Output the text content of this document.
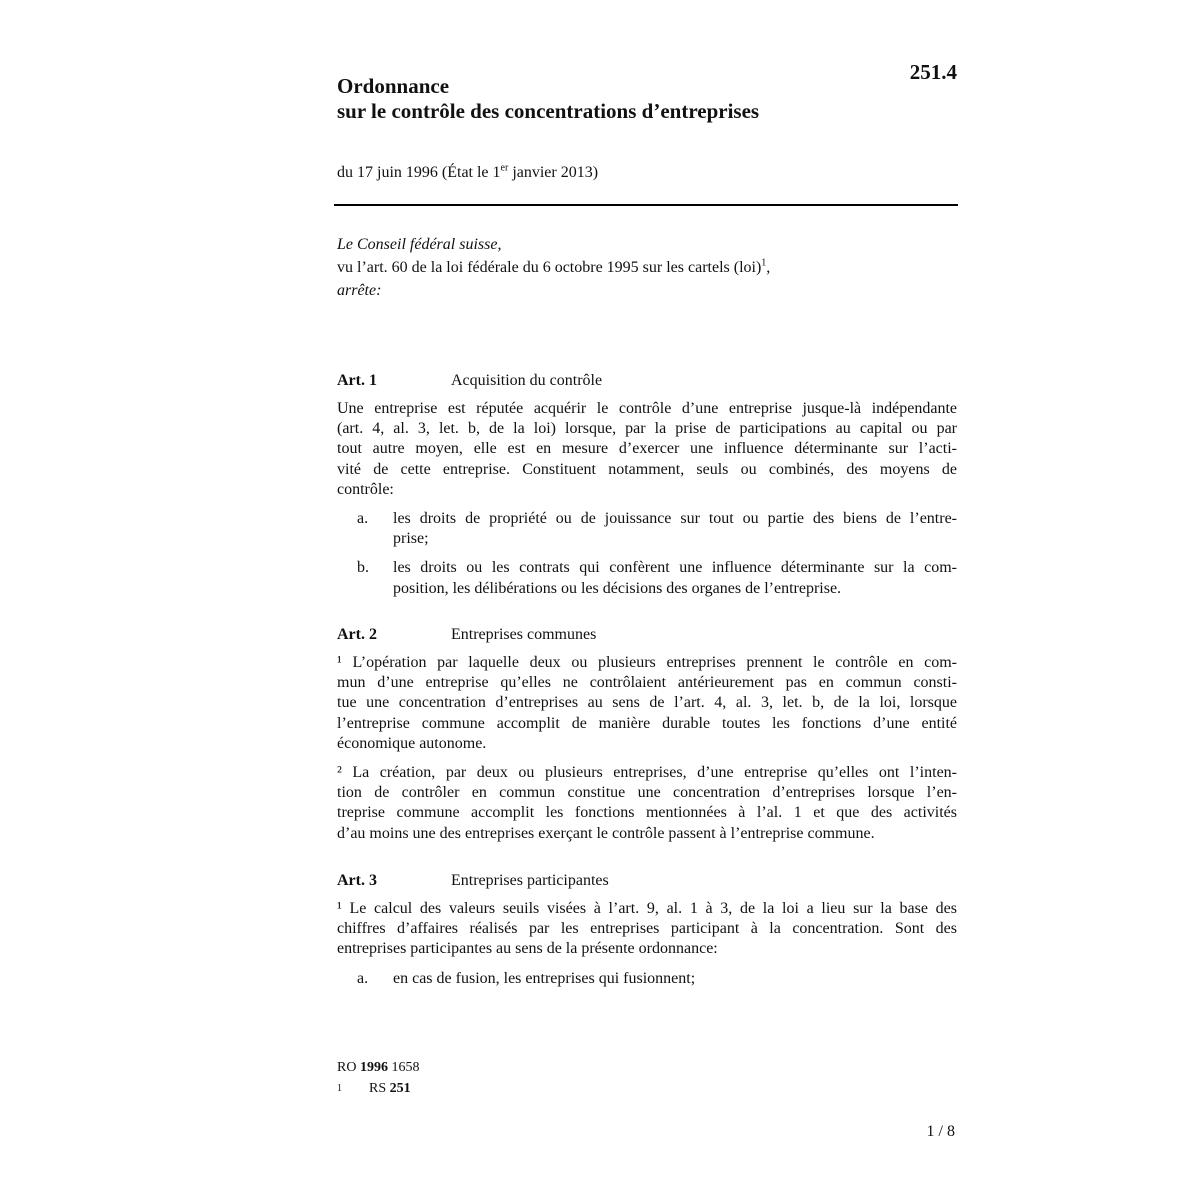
251.4
Ordonnance
sur le contrôle des concentrations d’entreprises
du 17 juin 1996 (État le 1er janvier 2013)
Le Conseil fédéral suisse,
vu l’art. 60 de la loi fédérale du 6 octobre 1995 sur les cartels (loi)$^1$,
arrête:
Art. 1	Acquisition du contrôle
Une entreprise est réputée acquérir le contrôle d’une entreprise jusque-là indépendante
(art. 4, al. 3, let. b, de la loi) lorsque, par la prise de participations au capital ou par
tout autre moyen, elle est en mesure d’exercer une influence déterminante sur l’acti-
vité de cette entreprise. Constituent notamment, seuls ou combinés, des moyens de
contrôle:
a. les droits de propriété ou de jouissance sur tout ou partie des biens de l’entre-
prise;
b. les droits ou les contrats qui confèrent une influence déterminante sur la com-
position, les délibérations ou les décisions des organes de l’entreprise.
Art. 2	Entreprises communes
¹ L’opération par laquelle deux ou plusieurs entreprises prennent le contrôle en com-
mun d’une entreprise qu’elles ne contrôlaient antérieurement pas en commun consti-
tue une concentration d’entreprises au sens de l’art. 4, al. 3, let. b, de la loi, lorsque
l’entreprise commune accomplit de manière durable toutes les fonctions d’une entité
économique autonome.
² La création, par deux ou plusieurs entreprises, d’une entreprise qu’elles ont l’inten-
tion de contrôler en commun constitue une concentration d’entreprises lorsque l’en-
treprise commune accomplit les fonctions mentionnées à l’al. 1 et que des activités
d’au moins une des entreprises exerçant le contrôle passent à l’entreprise commune.
Art. 3	Entreprises participantes
¹ Le calcul des valeurs seuils visées à l’art. 9, al. 1 à 3, de la loi a lieu sur la base des
chiffres d’affaires réalisés par les entreprises participant à la concentration. Sont des
entreprises participantes au sens de la présente ordonnance:
a. en cas de fusion, les entreprises qui fusionnent;
RO 1996 1658
1 RS 251
1 / 8
